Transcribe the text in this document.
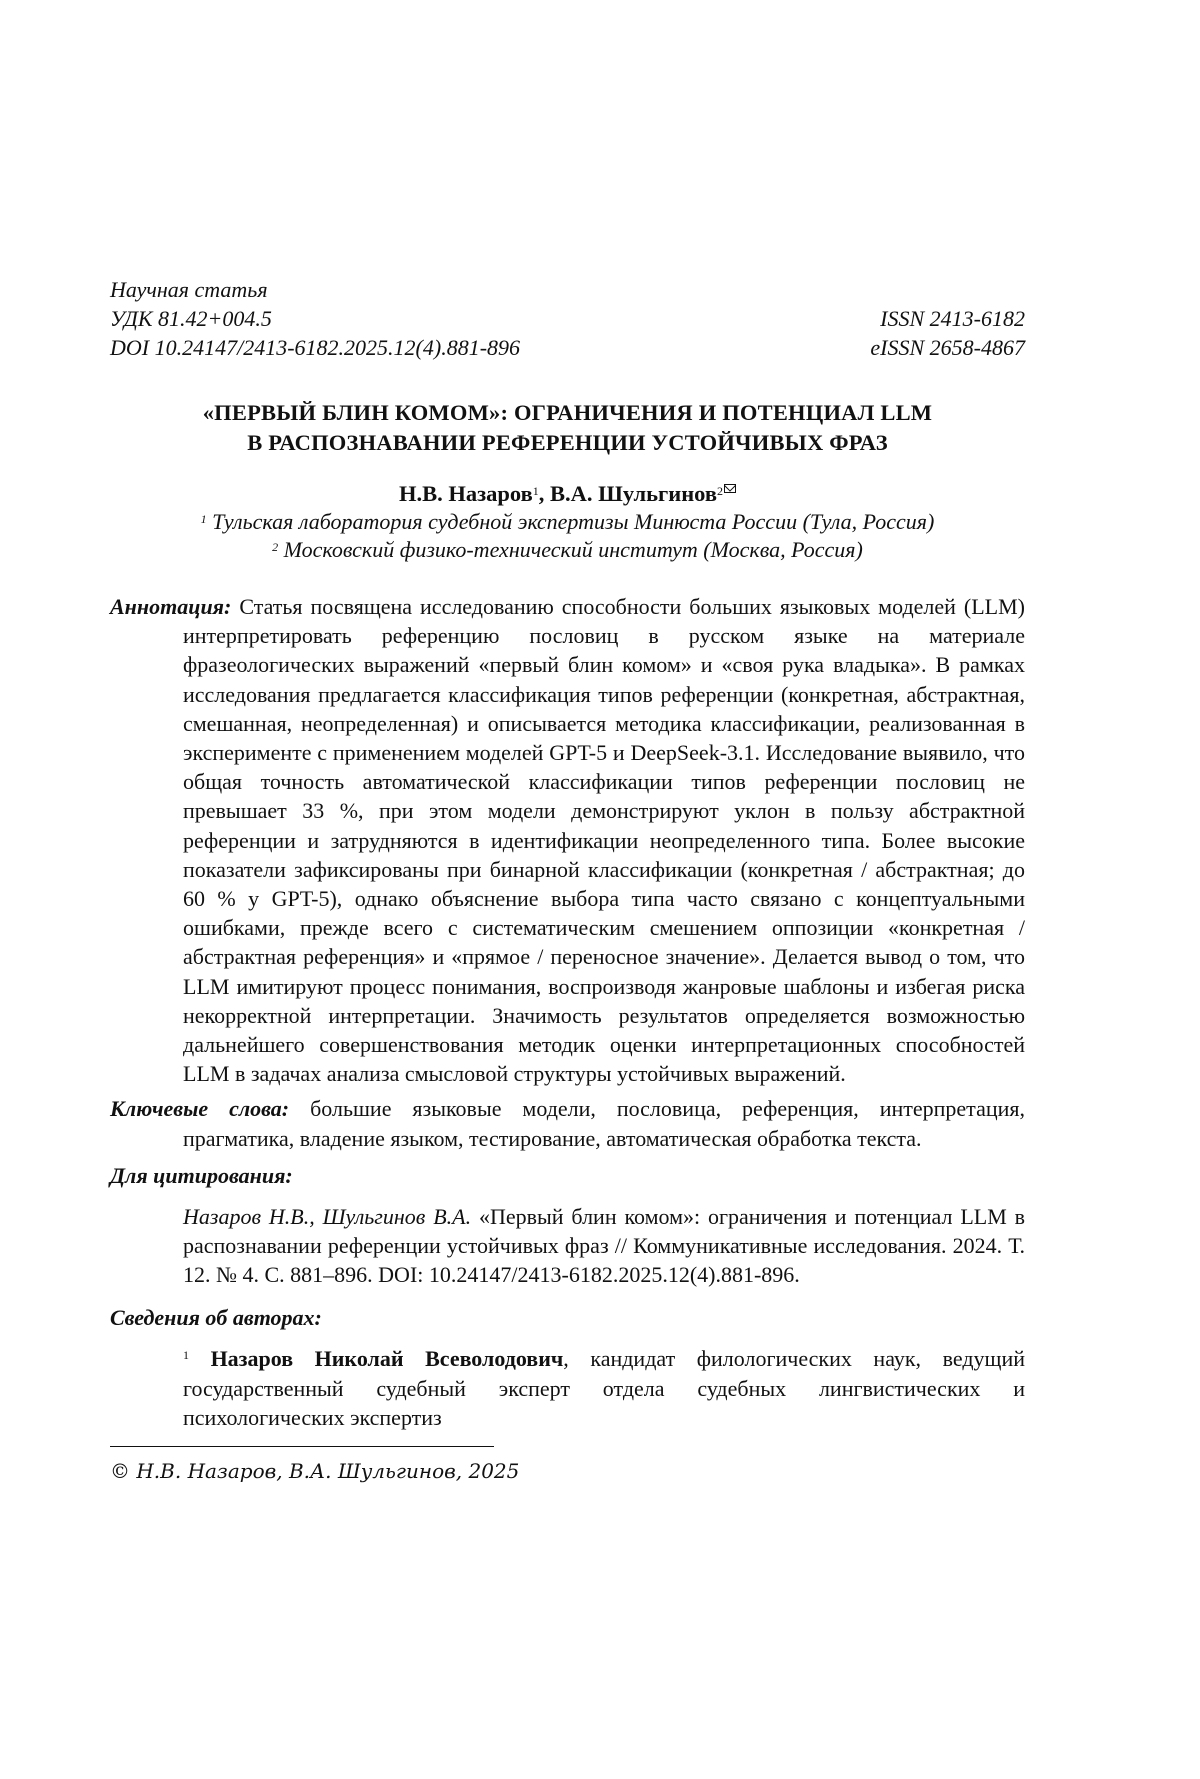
Научная статья
УДК 81.42+004.5	ISSN 2413-6182
DOI 10.24147/2413-6182.2025.12(4).881-896	eISSN 2658-4867
«ПЕРВЫЙ БЛИН КОМОМ»: ОГРАНИЧЕНИЯ И ПОТЕНЦИАЛ LLM
В РАСПОЗНАВАНИИ РЕФЕРЕНЦИИ УСТОЙЧИВЫХ ФРАЗ
Н.В. Назаров$^1$, В.А. Шульгинов$^2$
$^1$ Тульская лаборатория судебной экспертизы Минюста России (Тула, Россия)
$^2$ Московский физико-технический институт (Москва, Россия)
Аннотация: Статья посвящена исследованию способности больших языковых моделей (LLM) интерпретировать референцию пословиц в русском языке на материале фразеологических выражений «первый блин комом» и «своя рука владыка». В рамках исследования предлагается классификация типов референции (конкретная, абстрактная, смешанная, неопределенная) и описывается методика классификации, реализованная в эксперименте с применением моделей GPT-5 и DeepSeek-3.1. Исследование выявило, что общая точность автоматической классификации типов референции пословиц не превышает 33 %, при этом модели демонстрируют уклон в пользу абстрактной референции и затрудняются в идентификации неопределенного типа. Более высокие показатели зафиксированы при бинарной классификации (конкретная / абстрактная; до 60 % у GPT-5), однако объяснение выбора типа часто связано с концептуальными ошибками, прежде всего с систематическим смешением оппозиции «конкретная / абстрактная референция» и «прямое / переносное значение». Делается вывод о том, что LLM имитируют процесс понимания, воспроизводя жанровые шаблоны и избегая риска некорректной интерпретации. Значимость результатов определяется возможностью дальнейшего совершенствования методик оценки интерпретационных способностей LLM в задачах анализа смысловой структуры устойчивых выражений.
Ключевые слова: большие языковые модели, пословица, референция, интерпретация, прагматика, владение языком, тестирование, автоматическая обработка текста.
Для цитирования:
Назаров Н.В., Шульгинов В.А. «Первый блин комом»: ограничения и потенциал LLM в распознавании референции устойчивых фраз // Коммуникативные исследования. 2024. Т. 12. № 4. С. 881–896. DOI: 10.24147/2413-6182.2025.12(4).881-896.
Сведения об авторах:
$^1$ Назаров Николай Всеволодович, кандидат филологических наук, ведущий государственный судебный эксперт отдела судебных лингвистических и психологических экспертиз
© Н.В. Назаров, В.А. Шульгинов, 2025
